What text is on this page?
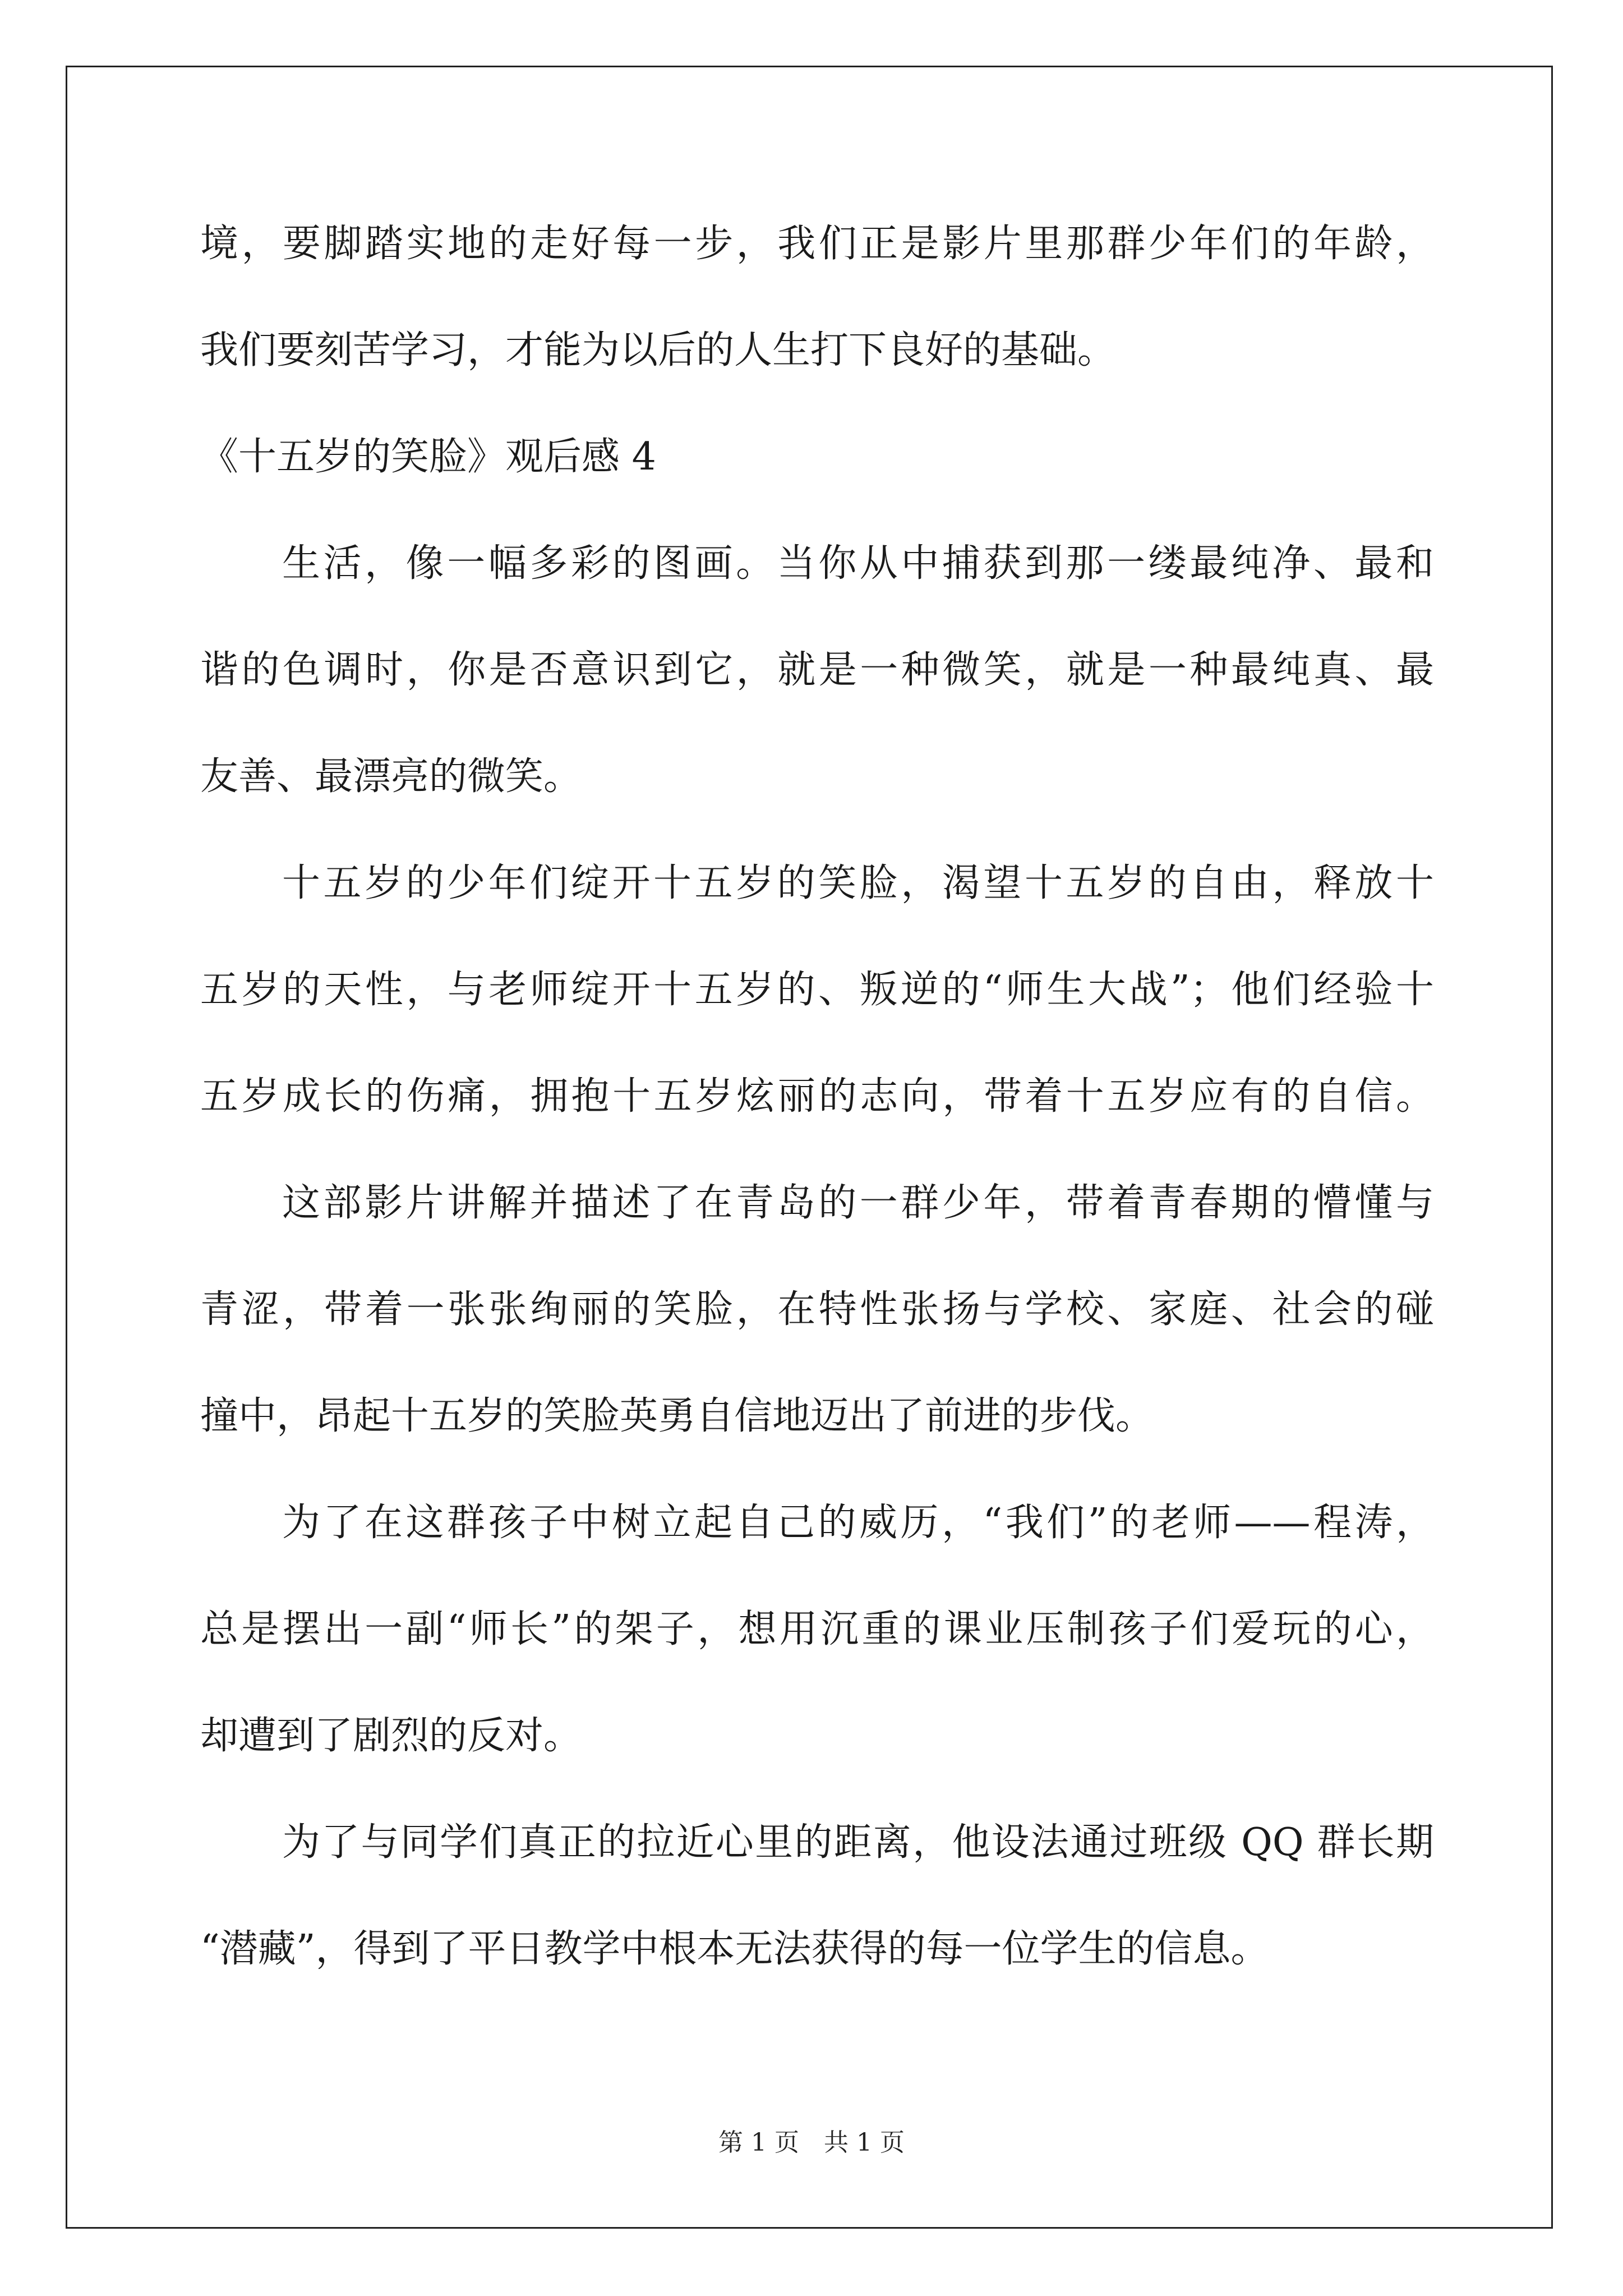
境，要脚踏实地的走好每一步，我们正是影片里那群少年们的年龄，
我们要刻苦学习，才能为以后的人生打下良好的基础。
《十五岁的笑脸》观后感 4
生活，像一幅多彩的图画。当你从中捕获到那一缕最纯净、最和
谐的色调时，你是否意识到它，就是一种微笑，就是一种最纯真、最
友善、最漂亮的微笑。
十五岁的少年们绽开十五岁的笑脸，渴望十五岁的自由，释放十
五岁的天性，与老师绽开十五岁的、叛逆的“师生大战”；他们经验十
五岁成长的伤痛，拥抱十五岁炫丽的志向，带着十五岁应有的自信。
这部影片讲解并描述了在青岛的一群少年，带着青春期的懵懂与
青涩，带着一张张绚丽的笑脸，在特性张扬与学校、家庭、社会的碰
撞中，昂起十五岁的笑脸英勇自信地迈出了前进的步伐。
为了在这群孩子中树立起自己的威历，“我们”的老师——程涛，
总是摆出一副“师长”的架子，想用沉重的课业压制孩子们爱玩的心，
却遭到了剧烈的反对。
为了与同学们真正的拉近心里的距离，他设法通过班级 QQ 群长期
“潜藏”，得到了平日教学中根本无法获得的每一位学生的信息。
第 1 页　共 1 页
